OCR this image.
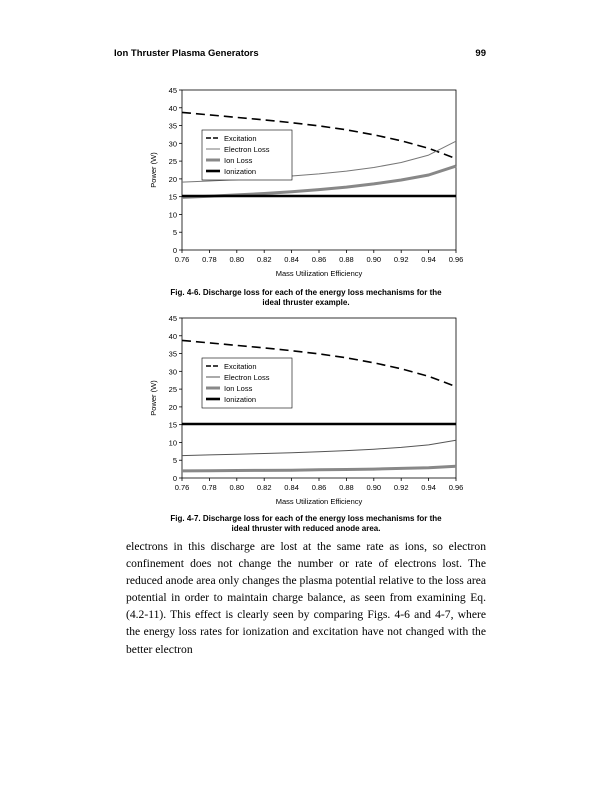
Ion Thruster Plasma Generators	99
0
5
10
15
20
25
30
35
40
45
0.76 0.78 0.80 0.82 0.84 0.86 0.88 0.90 0.92 0.94 0.96
Mass Utilization Efficiency
Power (W)
Excitation
Electron Loss
Ion Loss
Ionization
Fig. 4-6. Discharge loss for each of the energy loss mechanisms for the
ideal thruster example.
0
5
10
15
20
25
30
35
40
45
0.76 0.78 0.80 0.82 0.84 0.86 0.88 0.90 0.92 0.94 0.96
Mass Utilization Efficiency
Power (W)
Excitation
Electron Loss
Ion Loss
Ionization
Fig. 4-7. Discharge loss for each of the energy loss mechanisms for the
ideal thruster with reduced anode area.

electrons in this discharge are lost at the same rate as ions, so electron confinement does not change the number or rate of electrons lost. The reduced anode area only changes the plasma potential relative to the loss area potential in order to maintain charge balance, as seen from examining Eq. (4.2-11). This effect is clearly seen by comparing Figs. 4-6 and 4-7, where the energy loss rates for ionization and excitation have not changed with the better electron
